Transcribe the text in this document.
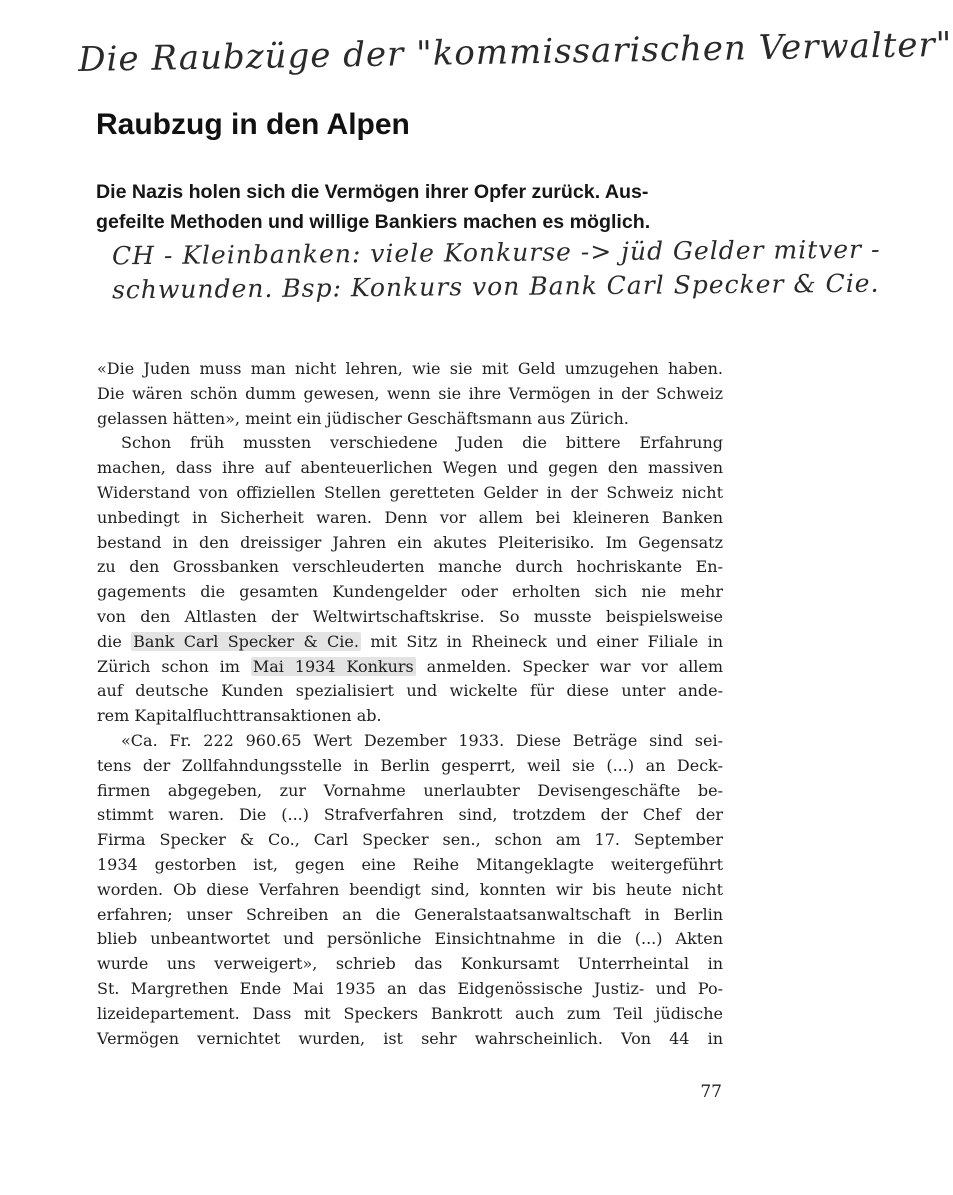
Die Raubzüge der "kommissarischen Verwalter"
Raubzug in den Alpen
Die Nazis holen sich die Vermögen ihrer Opfer zurück. Aus-
gefeilte Methoden und willige Bankiers machen es möglich.
CH - Kleinbanken: viele Konkurse -> jüd Gelder mitver -
schwunden. Bsp: Konkurs von Bank Carl Specker & Cie.
«Die Juden muss man nicht lehren, wie sie mit Geld umzugehen haben.
Die wären schön dumm gewesen, wenn sie ihre Vermögen in der Schweiz
gelassen hätten», meint ein jüdischer Geschäftsmann aus Zürich.
Schon früh mussten verschiedene Juden die bittere Erfahrung
machen, dass ihre auf abenteuerlichen Wegen und gegen den massiven
Widerstand von offiziellen Stellen geretteten Gelder in der Schweiz nicht
unbedingt in Sicherheit waren. Denn vor allem bei kleineren Banken
bestand in den dreissiger Jahren ein akutes Pleiterisiko. Im Gegensatz
zu den Grossbanken verschleuderten manche durch hochriskante En-
gagements die gesamten Kundengelder oder erholten sich nie mehr
von den Altlasten der Weltwirtschaftskrise. So musste beispielsweise
die Bank Carl Specker & Cie. mit Sitz in Rheineck und einer Filiale in
Zürich schon im Mai 1934 Konkurs anmelden. Specker war vor allem
auf deutsche Kunden spezialisiert und wickelte für diese unter ande-
rem Kapitalfluchttransaktionen ab.
«Ca. Fr. 222 960.65 Wert Dezember 1933. Diese Beträge sind sei-
tens der Zollfahndungsstelle in Berlin gesperrt, weil sie (...) an Deck-
firmen abgegeben, zur Vornahme unerlaubter Devisengeschäfte be-
stimmt waren. Die (...) Strafverfahren sind, trotzdem der Chef der
Firma Specker & Co., Carl Specker sen., schon am 17. September
1934 gestorben ist, gegen eine Reihe Mitangeklagte weitergeführt
worden. Ob diese Verfahren beendigt sind, konnten wir bis heute nicht
erfahren; unser Schreiben an die Generalstaatsanwaltschaft in Berlin
blieb unbeantwortet und persönliche Einsichtnahme in die (...) Akten
wurde uns verweigert», schrieb das Konkursamt Unterrheintal in
St. Margrethen Ende Mai 1935 an das Eidgenössische Justiz- und Po-
lizeidepartement. Dass mit Speckers Bankrott auch zum Teil jüdische
Vermögen vernichtet wurden, ist sehr wahrscheinlich. Von 44 in
77
